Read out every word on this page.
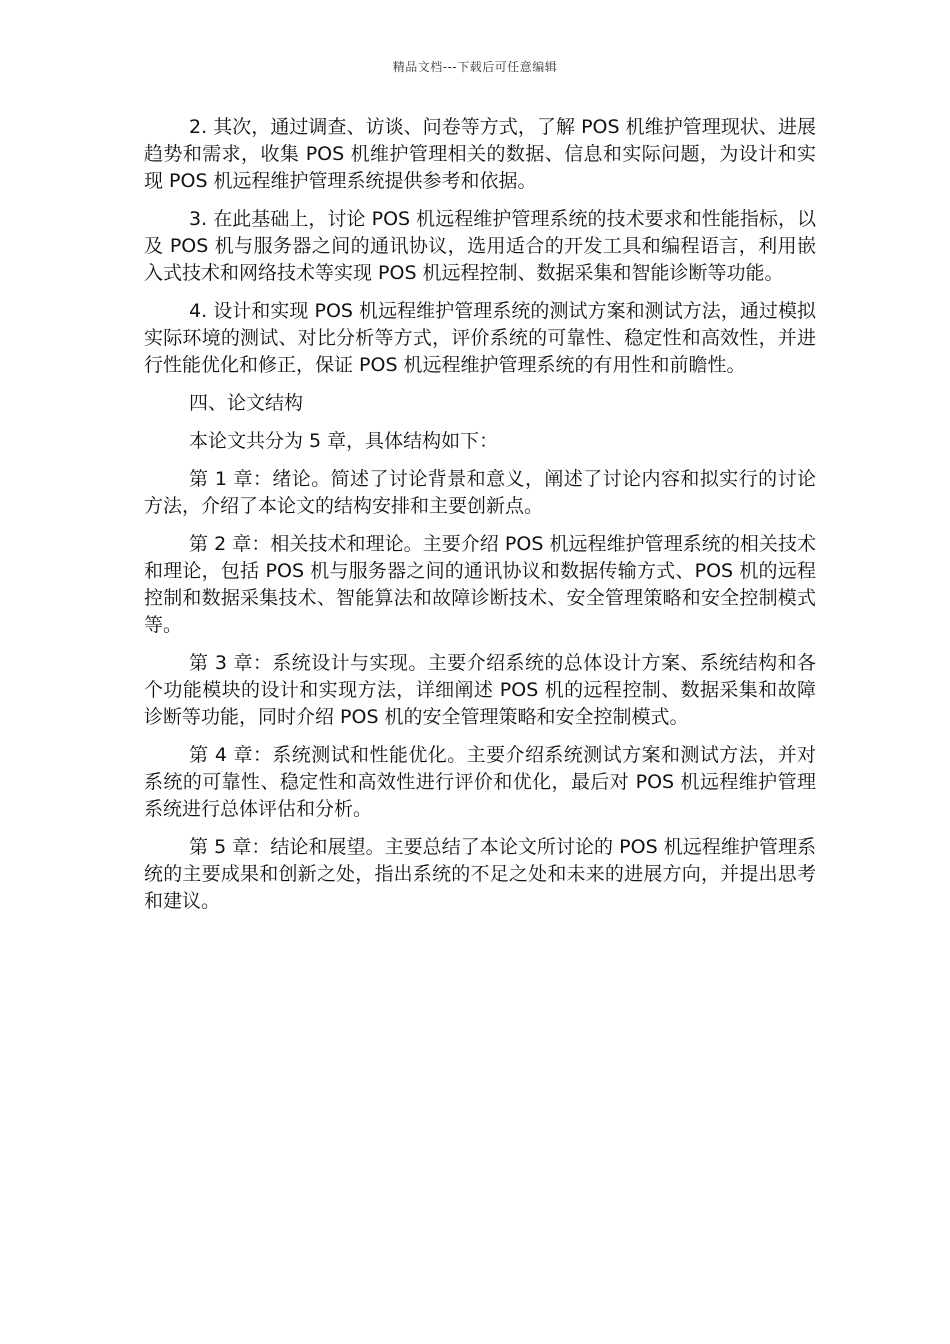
精品文档---下载后可任意编辑

2. 其次，通过调查、访谈、问卷等方式，了解 POS 机维护管理现状、进展趋势和需求，收集 POS 机维护管理相关的数据、信息和实际问题，为设计和实现 POS 机远程维护管理系统提供参考和依据。

3. 在此基础上，讨论 POS 机远程维护管理系统的技术要求和性能指标，以及 POS 机与服务器之间的通讯协议，选用适合的开发工具和编程语言，利用嵌入式技术和网络技术等实现 POS 机远程控制、数据采集和智能诊断等功能。

4. 设计和实现 POS 机远程维护管理系统的测试方案和测试方法，通过模拟实际环境的测试、对比分析等方式，评价系统的可靠性、稳定性和高效性，并进行性能优化和修正，保证 POS 机远程维护管理系统的有用性和前瞻性。

四、论文结构

本论文共分为 5 章，具体结构如下：

第 1 章：绪论。简述了讨论背景和意义，阐述了讨论内容和拟实行的讨论方法，介绍了本论文的结构安排和主要创新点。

第 2 章：相关技术和理论。主要介绍 POS 机远程维护管理系统的相关技术和理论，包括 POS 机与服务器之间的通讯协议和数据传输方式、POS 机的远程控制和数据采集技术、智能算法和故障诊断技术、安全管理策略和安全控制模式等。

第 3 章：系统设计与实现。主要介绍系统的总体设计方案、系统结构和各个功能模块的设计和实现方法，详细阐述 POS 机的远程控制、数据采集和故障诊断等功能，同时介绍 POS 机的安全管理策略和安全控制模式。

第 4 章：系统测试和性能优化。主要介绍系统测试方案和测试方法，并对系统的可靠性、稳定性和高效性进行评价和优化，最后对 POS 机远程维护管理系统进行总体评估和分析。

第 5 章：结论和展望。主要总结了本论文所讨论的 POS 机远程维护管理系统的主要成果和创新之处，指出系统的不足之处和未来的进展方向，并提出思考和建议。
